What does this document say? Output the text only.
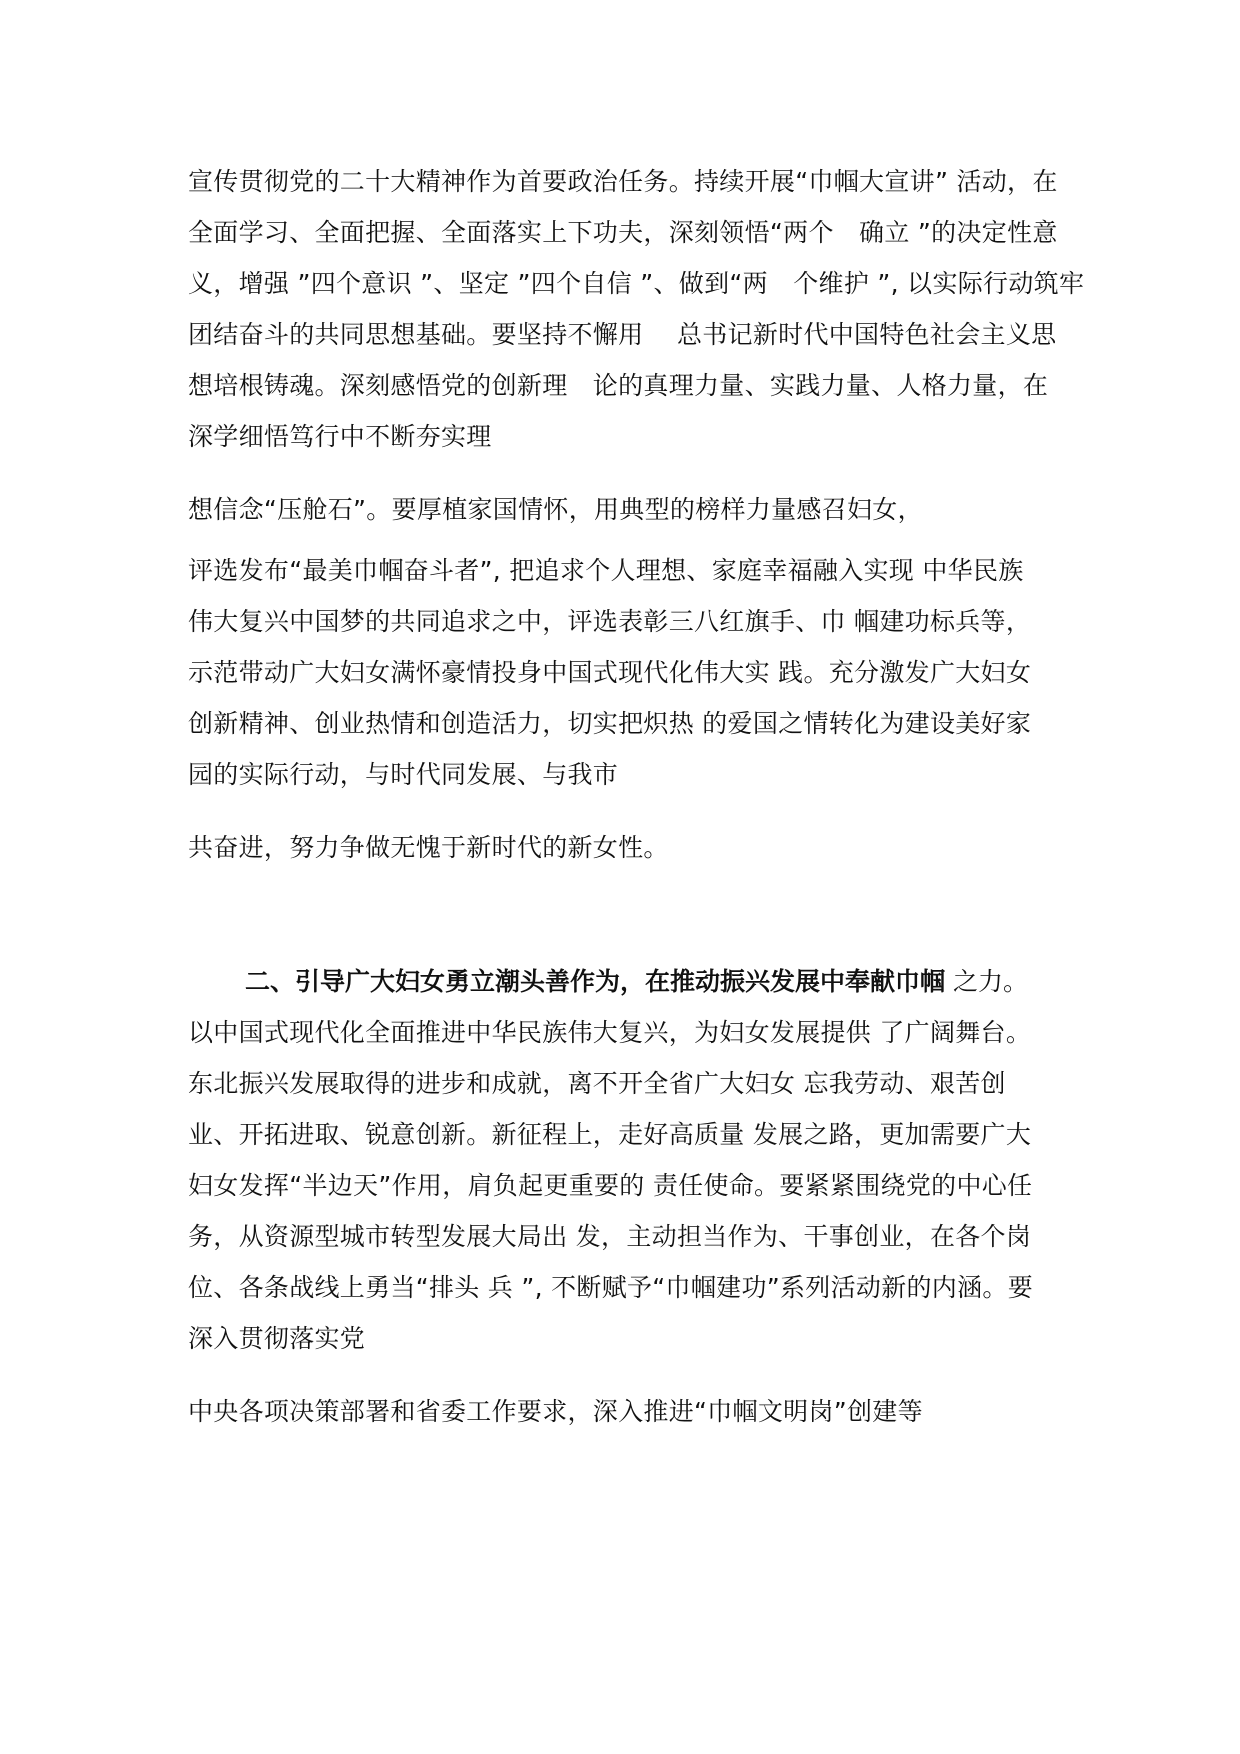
宣传贯彻党的二十大精神作为首要政治任务。持续开展“巾帼大宣讲” 活动，在
全面学习、全面把握、全面落实上下功夫，深刻领悟“两个　确立 ”的决定性意
义，增强 ”四个意识 ”、坚定 ”四个自信 ”、做到“两　个维护 ”, 以实际行动筑牢
团结奋斗的共同思想基础。要坚持不懈用　 总书记新时代中国特色社会主义思
想培根铸魂。深刻感悟党的创新理　论的真理力量、实践力量、人格力量，在
深学细悟笃行中不断夯实理
想信念“压舱石”。要厚植家国情怀，用典型的榜样力量感召妇女，
评选发布“最美巾帼奋斗者”, 把追求个人理想、家庭幸福融入实现 中华民族
伟大复兴中国梦的共同追求之中，评选表彰三八红旗手、巾 帼建功标兵等，
示范带动广大妇女满怀豪情投身中国式现代化伟大实 践。充分激发广大妇女
创新精神、创业热情和创造活力，切实把炽热 的爱国之情转化为建设美好家
园的实际行动，与时代同发展、与我市
共奋进，努力争做无愧于新时代的新女性。
二、引导广大妇女勇立潮头善作为，在推动振兴发展中奉献巾帼 之力。
以中国式现代化全面推进中华民族伟大复兴，为妇女发展提供 了广阔舞台。
东北振兴发展取得的进步和成就，离不开全省广大妇女 忘我劳动、艰苦创
业、开拓进取、锐意创新。新征程上，走好高质量 发展之路，更加需要广大
妇女发挥“半边天”作用，肩负起更重要的 责任使命。要紧紧围绕党的中心任
务，从资源型城市转型发展大局出 发，主动担当作为、干事创业，在各个岗
位、各条战线上勇当“排头 兵 ”, 不断赋予“巾帼建功”系列活动新的内涵。要
深入贯彻落实党
中央各项决策部署和省委工作要求，深入推进“巾帼文明岗”创建等
